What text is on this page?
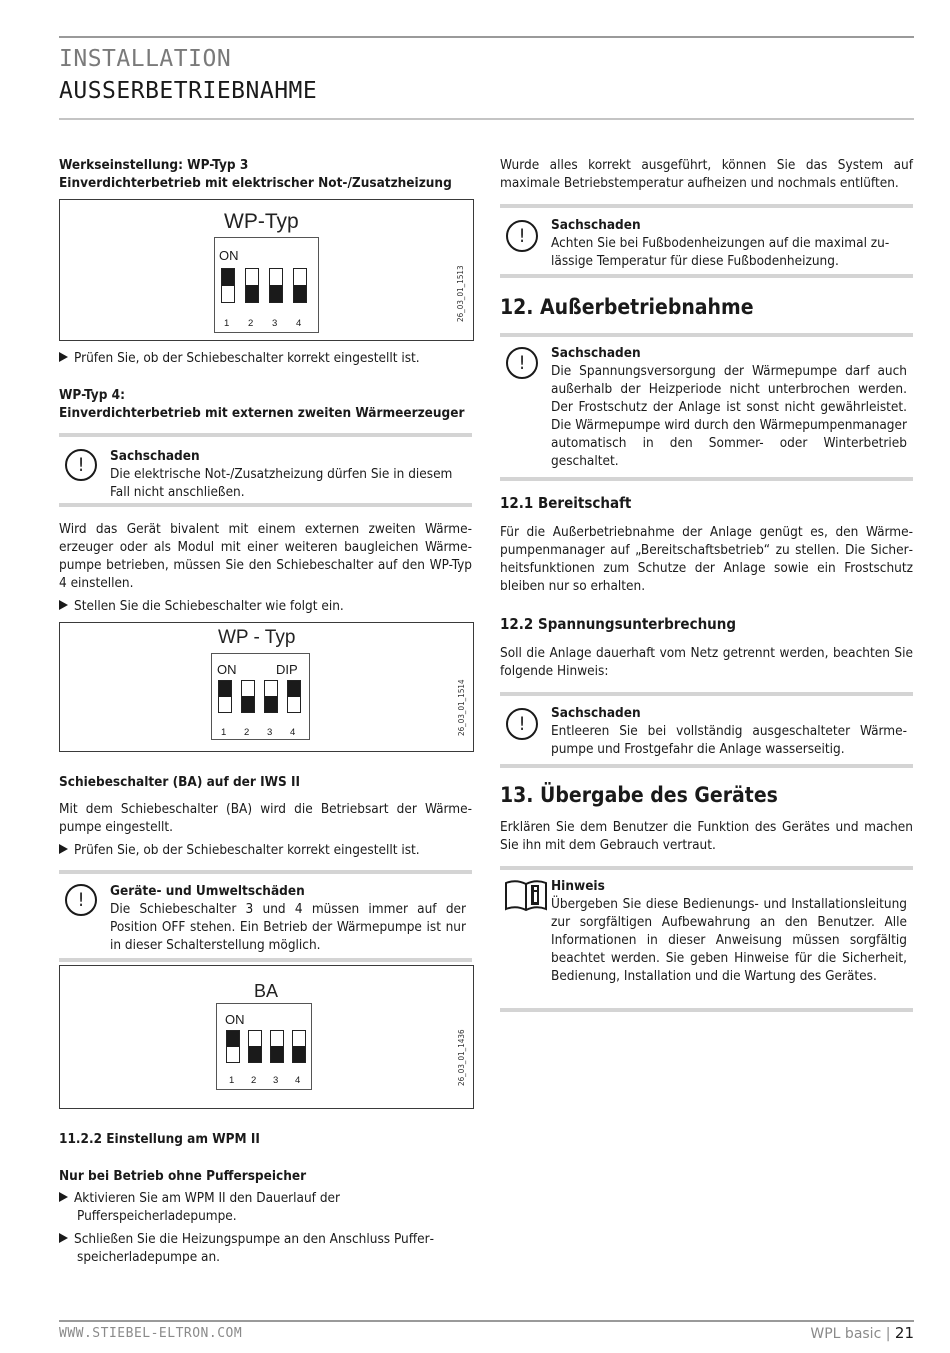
INSTALLATION
AUSSERBETRIEBNAHME
Werkseinstellung: WP-Typ 3
Einverdichterbetrieb mit elektrischer Not-/Zusatzheizung
WP-Typ
ON
1 2 3 4
26_03_01_1513
Prüfen Sie, ob der Schiebeschalter korrekt eingestellt ist.
WP-Typ 4:
Einverdichterbetrieb mit externen zweiten Wärmeerzeuger
!	Sachschaden
Die elektrische Not-/Zusatzheizung dürfen Sie in diesem Fall nicht anschließen.
Wird das Gerät bivalent mit einem externen zweiten Wärmeerzeuger oder als Modul mit einer weiteren baugleichen Wärmepumpe betrieben, müssen Sie den Schiebeschalter auf den WP-Typ 4 einstellen.
Stellen Sie die Schiebeschalter wie folgt ein.
WP - Typ
ON	DIP
1 2 3 4	26_03_01_1514
Schiebeschalter (BA) auf der IWS II
Mit dem Schiebeschalter (BA) wird die Betriebsart der Wärmepumpe eingestellt.
Prüfen Sie, ob der Schiebeschalter korrekt eingestellt ist.
!	Geräte- und Umweltschäden
Die Schiebeschalter 3 und 4 müssen immer auf der Position OFF stehen. Ein Betrieb der Wärmepumpe ist nur in dieser Schalterstellung möglich.
BA
ON
1 2 3 4	26_03_01_1436
11.2.2 Einstellung am WPM II
Nur bei Betrieb ohne Pufferspeicher
Aktivieren Sie am WPM II den Dauerlauf der Pufferspeicherladepumpe.
Schließen Sie die Heizungspumpe an den Anschluss Pufferspeicherladepumpe an.
Wurde alles korrekt ausgeführt, können Sie das System auf maximale Betriebstemperatur aufheizen und nochmals entlüften.
!	Sachschaden
Achten Sie bei Fußbodenheizungen auf die maximal zulässige Temperatur für diese Fußbodenheizung.
12. Außerbetriebnahme
!	Sachschaden
Die Spannungsversorgung der Wärmepumpe darf auch außerhalb der Heizperiode nicht unterbrochen werden. Der Frostschutz der Anlage ist sonst nicht gewährleistet. Die Wärmepumpe wird durch den Wärmepumpenmanager automatisch in den Sommer- oder Winterbetrieb geschaltet.
12.1 Bereitschaft
Für die Außerbetriebnahme der Anlage genügt es, den Wärmepumpenmanager auf „Bereitschaftsbetrieb“ zu stellen. Die Sicherheitsfunktionen zum Schutze der Anlage sowie ein Frostschutz bleiben nur so erhalten.
12.2 Spannungsunterbrechung
Soll die Anlage dauerhaft vom Netz getrennt werden, beachten Sie folgende Hinweis:
!	Sachschaden
Entleeren Sie bei vollständig ausgeschalteter Wärmepumpe und Frostgefahr die Anlage wasserseitig.
13. Übergabe des Gerätes
Erklären Sie dem Benutzer die Funktion des Gerätes und machen Sie ihn mit dem Gebrauch vertraut.
Hinweis
Übergeben Sie diese Bedienungs- und Installationsleitung zur sorgfältigen Aufbewahrung an den Benutzer. Alle Informationen in dieser Anweisung müssen sorgfältig beachtet werden. Sie geben Hinweise für die Sicherheit, Bedienung, Installation und die Wartung des Gerätes.
WWW.STIEBEL-ELTRON.COM	WPL basic | 21
